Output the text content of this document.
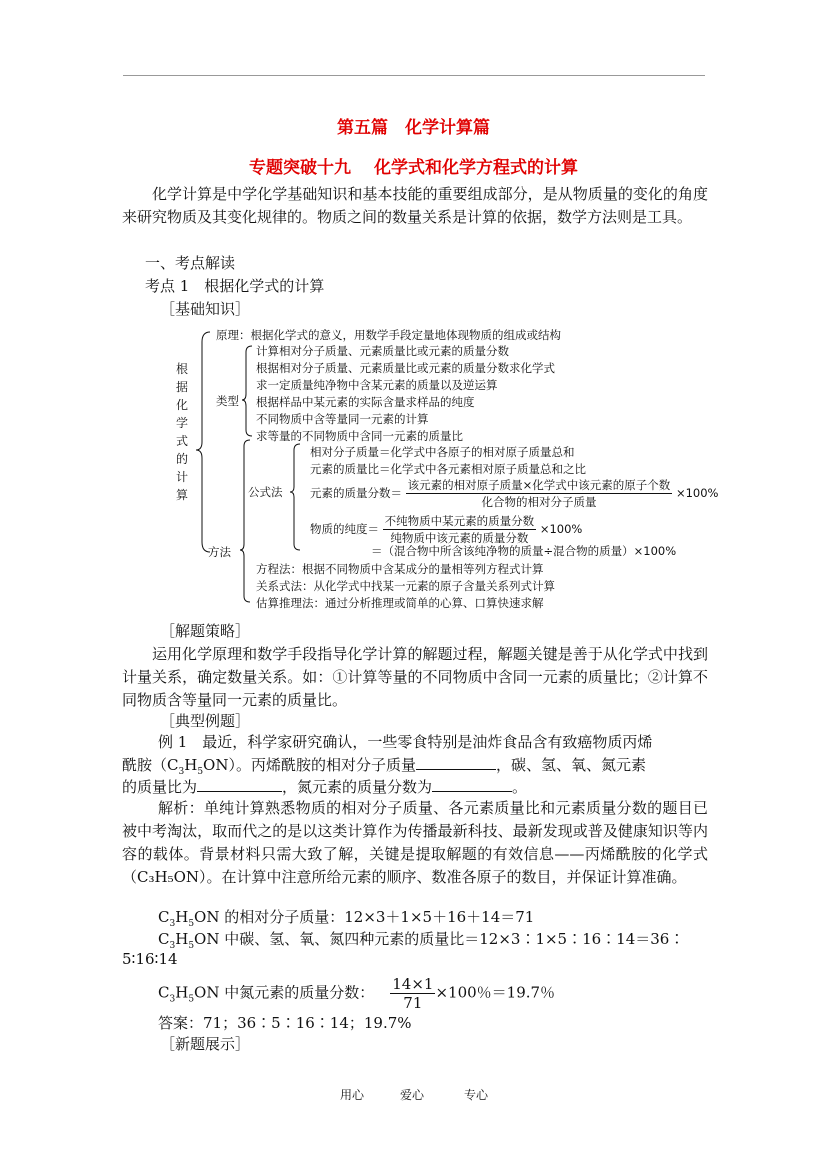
第五篇　化学计算篇
专题突破十九　 化学式和化学方程式的计算
化学计算是中学化学基础知识和基本技能的重要组成部分，是从物质量的变化的角度来研究物质及其变化规律的。物质之间的数量关系是计算的依据，数学方法则是工具。
一、考点解读
考点 1　根据化学式的计算
［基础知识］
根
据
化
学
式
的
计
算
原理：根据化学式的意义，用数学手段定量地体现物质的组成或结构
类型
计算相对分子质量、元素质量比或元素的质量分数
根据相对分子质量、元素质量比或元素的质量分数求化学式
求一定质量纯净物中含某元素的质量以及逆运算
根据样品中某元素的实际含量求样品的纯度
不同物质中含等量同一元素的计算
求等量的不同物质中含同一元素的质量比
公式法
相对分子质量＝化学式中各原子的相对原子质量总和
元素的质量比＝化学式中各元素相对原子质量总和之比
元素的质量分数＝ $\frac{\text{该元素的相对原子质量×化学式中该元素的原子个数}}{\text{化合物的相对分子质量}} \times 100\%$
物质的纯度＝ $\frac{\text{不纯物质中某元素的质量分数}}{\text{纯物质中该元素的质量分数}} \times 100\%$
＝（混合物中所含该纯净物的质量÷混合物的质量）×100%
方法
方程法：根据不同物质中含某成分的量相等列方程式计算
关系式法：从化学式中找某一元素的原子含量关系列式计算
估算推理法：通过分析推理或简单的心算、口算快速求解
［解题策略］
运用化学原理和数学手段指导化学计算的解题过程，解题关键是善于从化学式中找到计量关系，确定数量关系。如：①计算等量的不同物质中含同一元素的质量比；②计算不同物质含等量同一元素的质量比。
［典型例题］
例 1　最近，科学家研究确认，一些零食特别是油炸食品含有致癌物质丙烯
酰胺$(C_3H_5ON)$。丙烯酰胺的相对分子质量	，碳、氢、氧、氮元素
的质量比为	，氮元素的质量分数为	。
解析：单纯计算熟悉物质的相对分子质量、各元素质量比和元素质量分数的题目已被中考淘汰，取而代之的是以这类计算作为传播最新科技、最新发现或普及健康知识等内容的载体。背景材料只需大致了解，关键是提取解题的有效信息——丙烯酰胺的化学式（C₃H₅ON）。在计算中注意所给元素的顺序、数准各原子的数目，并保证计算准确。
$C_3H_5ON$ 的相对分子质量：12×3＋1×5＋16＋14＝71
$C_3H_5ON$ 中碳、氢、氧、氮四种元素的质量比＝12×3∶1×5∶16∶14＝36∶
5∶16∶14
$C_3H_5ON$ 中氮元素的质量分数： $\frac{14\times 1}{71} \times 100$％＝19.7％
答案：71；36∶5∶16∶14；19.7%
［新题展示］
用心	爱心	专心
